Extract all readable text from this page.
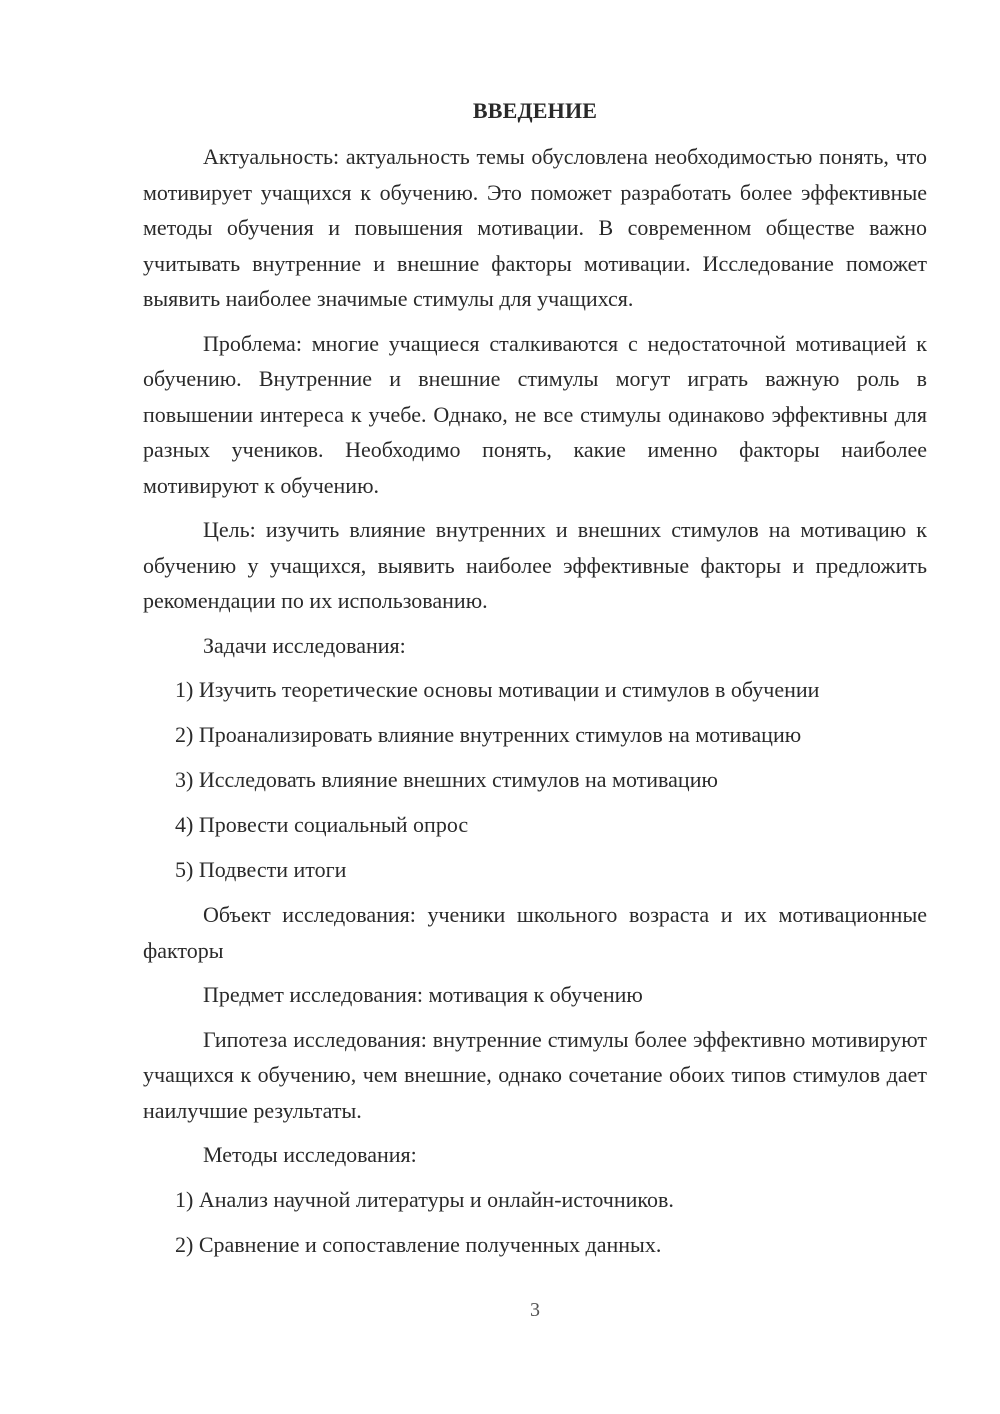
ВВЕДЕНИЕ

Актуальность: актуальность темы обусловлена необходимостью понять, что мотивирует учащихся к обучению. Это поможет разработать более эффективные методы обучения и повышения мотивации. В современном обществе важно учитывать внутренние и внешние факторы мотивации. Исследование поможет выявить наиболее значимые стимулы для учащихся.

Проблема: многие учащиеся сталкиваются с недостаточной мотивацией к обучению. Внутренние и внешние стимулы могут играть важную роль в повышении интереса к учебе. Однако, не все стимулы одинаково эффективны для разных учеников. Необходимо понять, какие именно факторы наиболее мотивируют к обучению.

Цель: изучить влияние внутренних и внешних стимулов на мотивацию к обучению у учащихся, выявить наиболее эффективные факторы и предложить рекомендации по их использованию.

Задачи исследования:

1) Изучить теоретические основы мотивации и стимулов в обучении

2) Проанализировать влияние внутренних стимулов на мотивацию

3) Исследовать влияние внешних стимулов на мотивацию

4) Провести социальный опрос

5) Подвести итоги

Объект исследования: ученики школьного возраста и их мотивационные факторы

Предмет исследования: мотивация к обучению

Гипотеза исследования: внутренние стимулы более эффективно мотивируют учащихся к обучению, чем внешние, однако сочетание обоих типов стимулов дает наилучшие результаты.

Методы исследования:

1) Анализ научной литературы и онлайн-источников.

2) Сравнение и сопоставление полученных данных.

3
